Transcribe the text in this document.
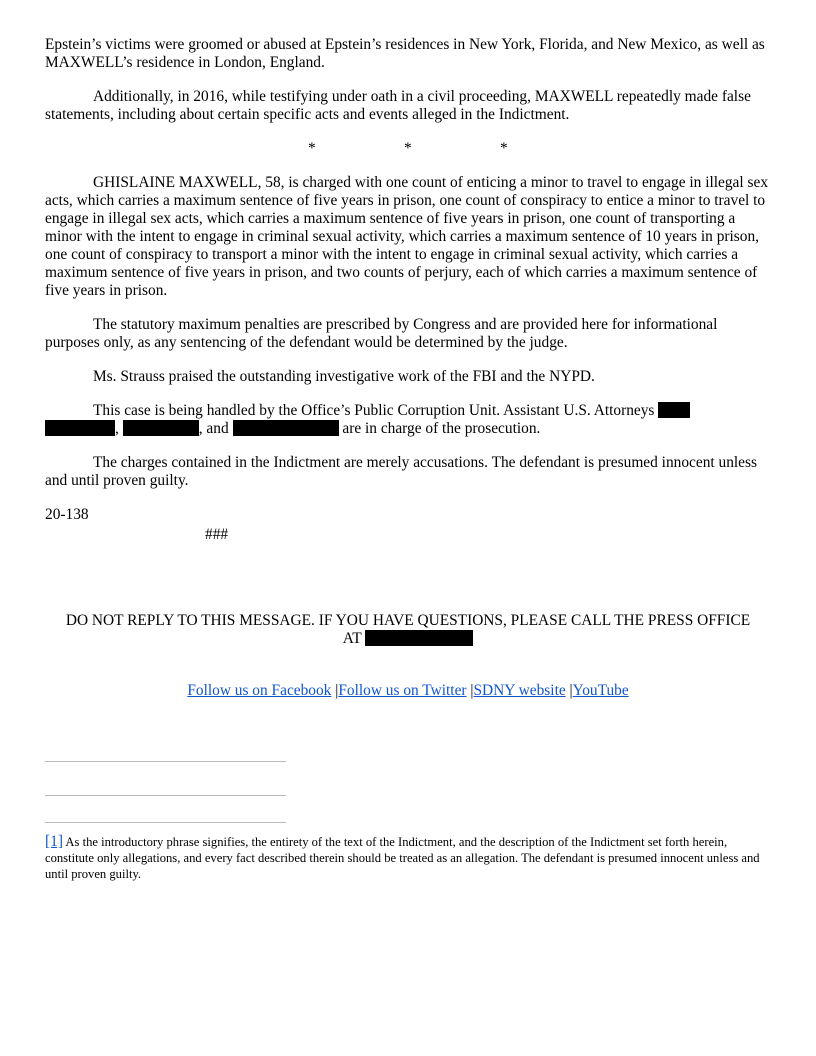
Epstein’s victims were groomed or abused at Epstein’s residences in New York, Florida, and New Mexico, as well as MAXWELL’s residence in London, England.

Additionally, in 2016, while testifying under oath in a civil proceeding, MAXWELL repeatedly made false statements, including about certain specific acts and events alleged in the Indictment.

*	*	*

GHISLAINE MAXWELL, 58, is charged with one count of enticing a minor to travel to engage in illegal sex acts, which carries a maximum sentence of five years in prison, one count of conspiracy to entice a minor to travel to engage in illegal sex acts, which carries a maximum sentence of five years in prison, one count of transporting a minor with the intent to engage in criminal sexual activity, which carries a maximum sentence of 10 years in prison, one count of conspiracy to transport a minor with the intent to engage in criminal sexual activity, which carries a maximum sentence of five years in prison, and two counts of perjury, each of which carries a maximum sentence of five years in prison.

The statutory maximum penalties are prescribed by Congress and are provided here for informational purposes only, as any sentencing of the defendant would be determined by the judge.

Ms. Strauss praised the outstanding investigative work of the FBI and the NYPD.

This case is being handled by the Office’s Public Corruption Unit. Assistant U.S. Attorneys
,	, and	are in charge of the prosecution.

The charges contained in the Indictment are merely accusations. The defendant is presumed innocent unless and until proven guilty.

20-138

###

DO NOT REPLY TO THIS MESSAGE. IF YOU HAVE QUESTIONS, PLEASE CALL THE PRESS OFFICE

AT

Follow us on Facebook |Follow us on Twitter |SDNY website |YouTube

[1] As the introductory phrase signifies, the entirety of the text of the Indictment, and the description of the Indictment set forth herein, constitute only allegations, and every fact described therein should be treated as an allegation. The defendant is presumed innocent unless and until proven guilty.
